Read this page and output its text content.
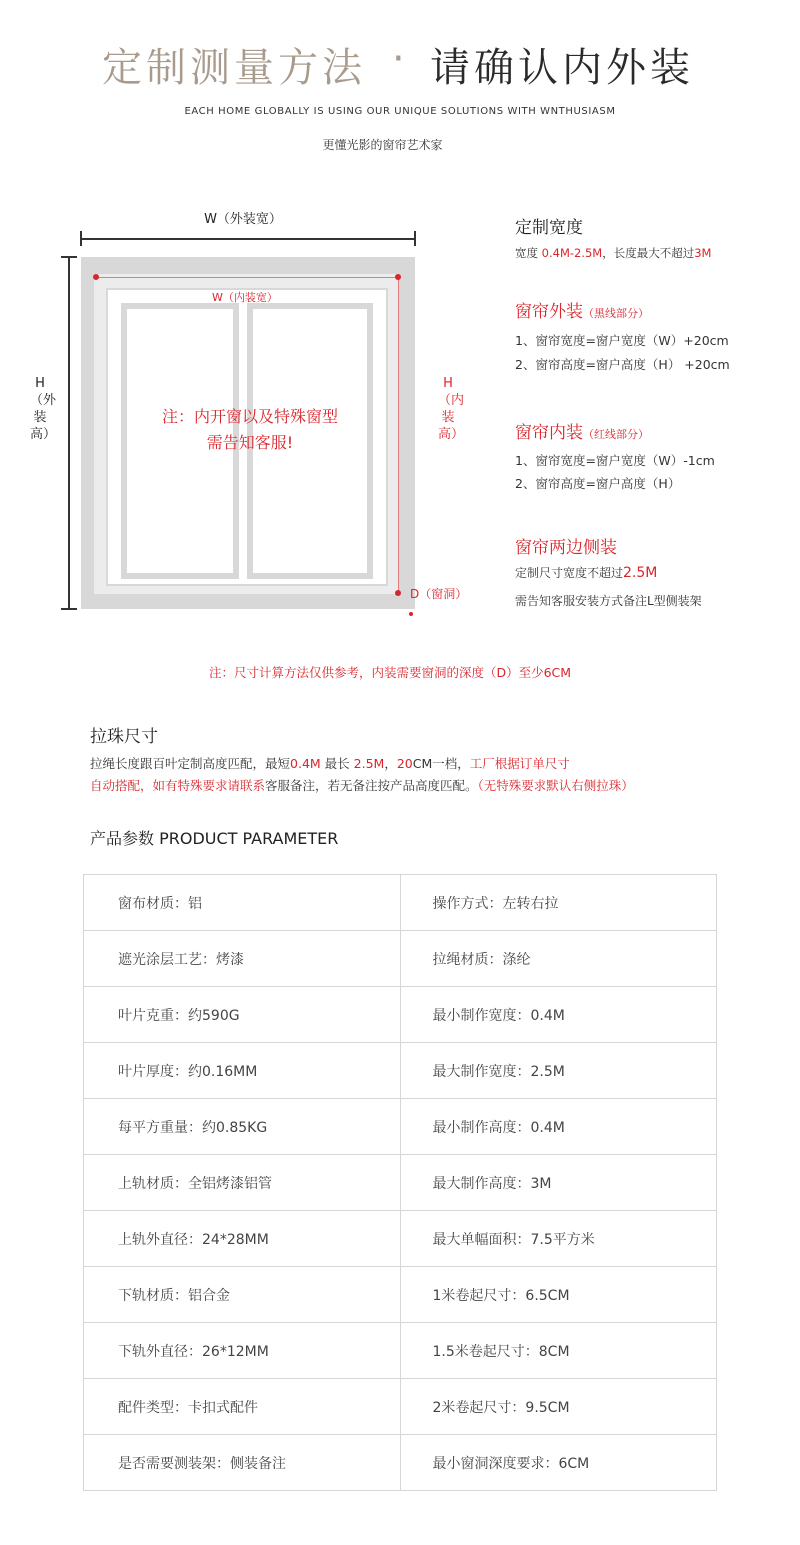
定制测量方法 · 请确认内外装
EACH HOME GLOBALLY IS USING OUR UNIQUE SOLUTIONS WITH WNTHUSIASM
更懂光影的窗帘艺术家
W（外装宽）
H（外装高）
W（内装宽）
H（内装高）
D（窗洞）
注：内开窗以及特殊窗型
需告知客服!
定制宽度
宽度 0.4M-2.5M，长度最大不超过3M
窗帘外装（黑线部分）
1、窗帘宽度=窗户宽度（W）+20cm
2、窗帘高度=窗户高度（H） +20cm
窗帘内装（红线部分）
1、窗帘宽度=窗户宽度（W）-1cm
2、窗帘高度=窗户高度（H）
窗帘两边侧装
定制尺寸宽度不超过2.5M
需告知客服安装方式备注L型侧装架
注：尺寸计算方法仅供参考，内装需要窗洞的深度（D）至少6CM
拉珠尺寸
拉绳长度跟百叶定制高度匹配，最短0.4M 最长 2.5M，20CM一档，工厂根据订单尺寸
自动搭配，如有特殊要求请联系客服备注，若无备注按产品高度匹配。（无特殊要求默认右侧拉珠）
产品参数 PRODUCT PARAMETER
窗布材质：铝	操作方式：左转右拉
遮光涂层工艺：烤漆	拉绳材质：涤纶
叶片克重：约590G	最小制作宽度：0.4M
叶片厚度：约0.16MM	最大制作宽度：2.5M
每平方重量：约0.85KG	最小制作高度：0.4M
上轨材质：全铝烤漆铝管	最大制作高度：3M
上轨外直径：24*28MM	最大单幅面积：7.5平方米
下轨材质：铝合金	1米卷起尺寸：6.5CM
下轨外直径：26*12MM	1.5米卷起尺寸：8CM
配件类型：卡扣式配件	2米卷起尺寸：9.5CM
是否需要测装架：侧装备注	最小窗洞深度要求：6CM
